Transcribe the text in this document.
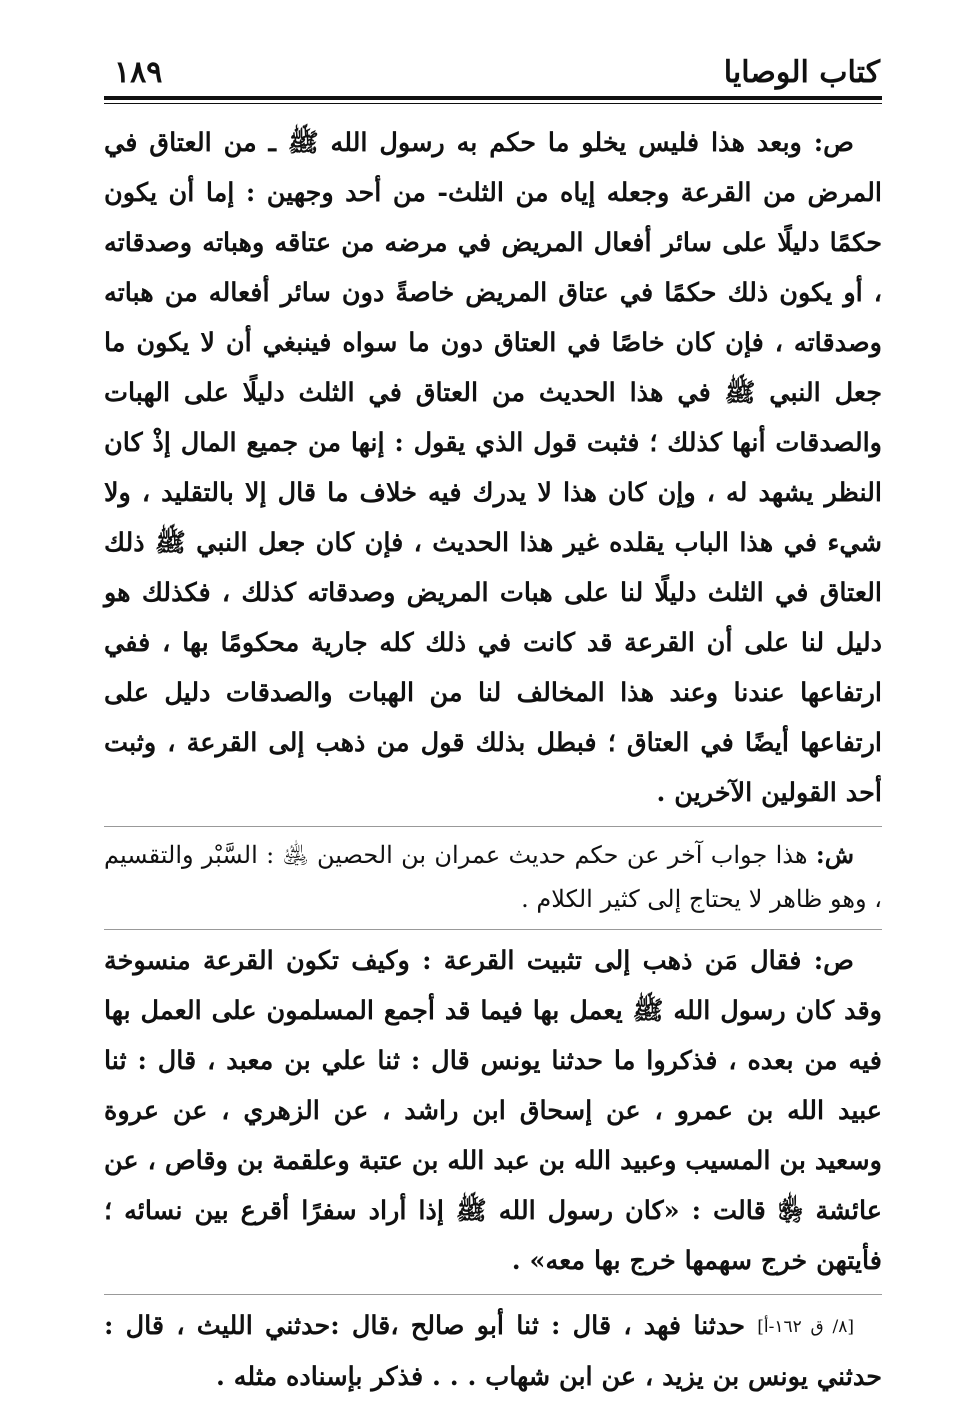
كتاب الوصايا
١٨٩

ص: وبعد هذا فليس يخلو ما حكم به رسول الله ﷺ ـ من العتاق في المرض من القرعة وجعله إياه من الثلث- من أحد وجهين : إما أن يكون حكمًا دليلًا على سائر أفعال المريض في مرضه من عتاقه وهباته وصدقاته ، أو يكون ذلك حكمًا في عتاق المريض خاصةً دون سائر أفعاله من هباته وصدقاته ، فإن كان خاصًا في العتاق دون ما سواه فينبغي أن لا يكون ما جعل النبي ﷺ في هذا الحديث من العتاق في الثلث دليلًا على الهبات والصدقات أنها كذلك ؛ فثبت قول الذي يقول : إنها من جميع المال إذْ كان النظر يشهد له ، وإن كان هذا لا يدرك فيه خلاف ما قال إلا بالتقليد ، ولا شيء في هذا الباب يقلده غير هذا الحديث ، فإن كان جعل النبي ﷺ ذلك العتاق في الثلث دليلًا لنا على هبات المريض وصدقاته كذلك ، فكذلك هو دليل لنا على أن القرعة قد كانت في ذلك كله جارية محكومًا بها ، ففي ارتفاعها عندنا وعند هذا المخالف لنا من الهبات والصدقات دليل على ارتفاعها أيضًا في العتاق ؛ فبطل بذلك قول من ذهب إلى القرعة ، وثبت أحد القولين الآخرين .

ش: هذا جواب آخر عن حكم حديث عمران بن الحصين ﵁ : السَّبْر والتقسيم ، وهو ظاهر لا يحتاج إلى كثير الكلام .

ص: فقال مَن ذهب إلى تثبيت القرعة : وكيف تكون القرعة منسوخة وقد كان رسول الله ﷺ يعمل بها فيما قد أجمع المسلمون على العمل بها فيه من بعده ، فذكروا ما حدثنا يونس قال : ثنا علي بن معبد ، قال : ثنا عبيد الله بن عمرو ، عن إسحاق ابن راشد ، عن الزهري ، عن عروة وسعيد بن المسيب وعبيد الله بن عبد الله بن عتبة وعلقمة بن وقاص ، عن عائشة ﵂ قالت : «كان رسول الله ﷺ إذا أراد سفرًا أقرع بين نسائه ؛ فأيتهن خرج سهمها خرج بها معه» .

[٨/ ق ١٦٢-أ] حدثنا فهد ، قال : ثنا أبو صالح ،قال :حدثني الليث ، قال : حدثني يونس بن يزيد ، عن ابن شهاب . . . فذكر بإسناده مثله .
